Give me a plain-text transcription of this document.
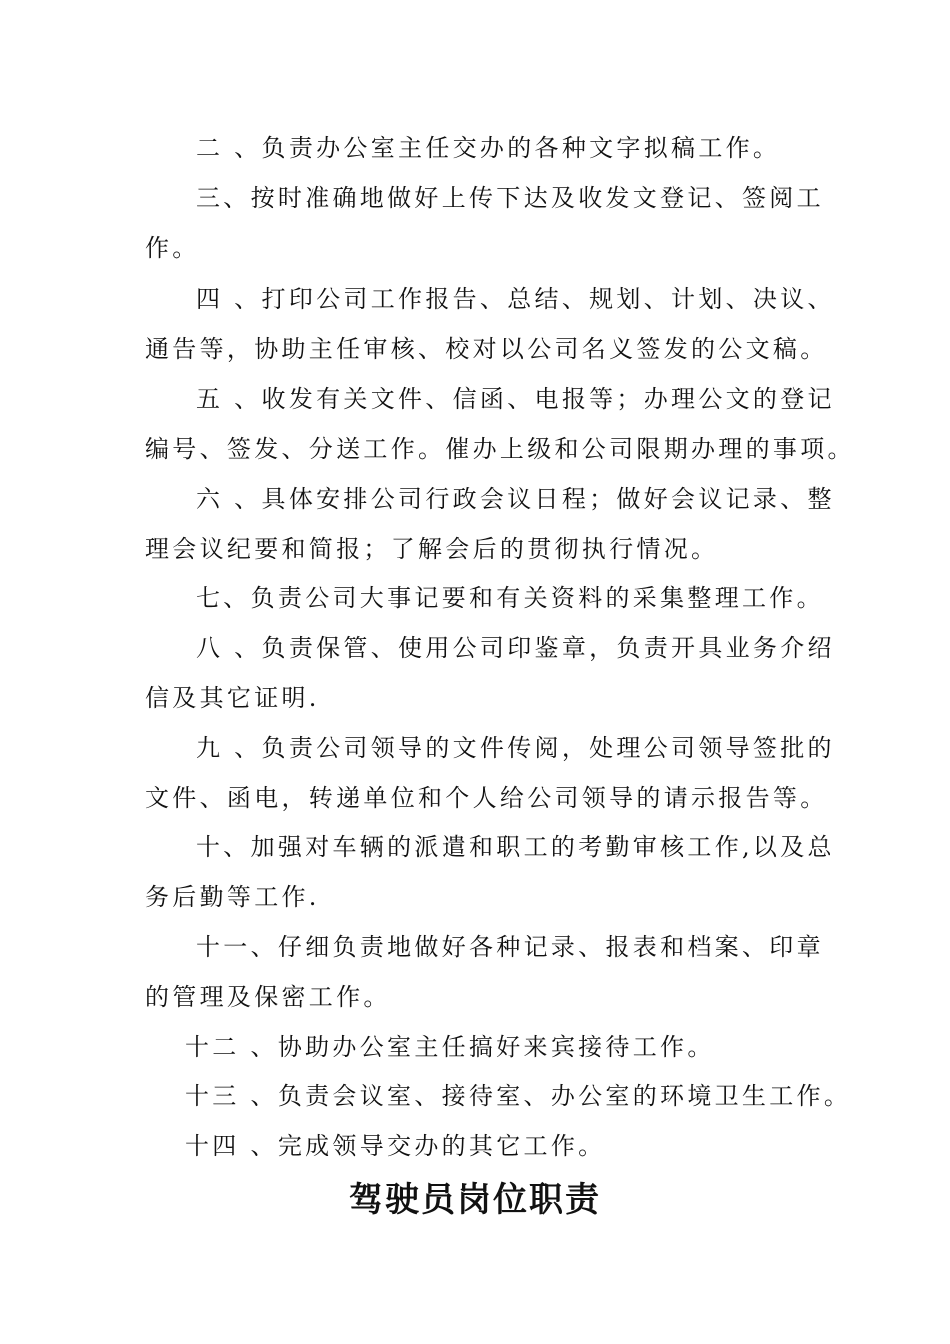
二 、负责办公室主任交办的各种文字拟稿工作。
三、按时准确地做好上传下达及收发文登记、签阅工
作。
四 、打印公司工作报告、总结、规划、计划、决议、
通告等，协助主任审核、校对以公司名义签发的公文稿。
五 、收发有关文件、信函、电报等；办理公文的登记
编号、签发、分送工作。催办上级和公司限期办理的事项。
六 、具体安排公司行政会议日程；做好会议记录、整
理会议纪要和简报；了解会后的贯彻执行情况。
七、负责公司大事记要和有关资料的采集整理工作。
八 、负责保管、使用公司印鉴章，负责开具业务介绍
信及其它证明.
九 、负责公司领导的文件传阅，处理公司领导签批的
文件、函电，转递单位和个人给公司领导的请示报告等。
十、加强对车辆的派遣和职工的考勤审核工作,以及总
务后勤等工作.
十一、仔细负责地做好各种记录、报表和档案、印章
的管理及保密工作。
十二 、协助办公室主任搞好来宾接待工作。
十三 、负责会议室、接待室、办公室的环境卫生工作。
十四 、完成领导交办的其它工作。
驾驶员岗位职责
